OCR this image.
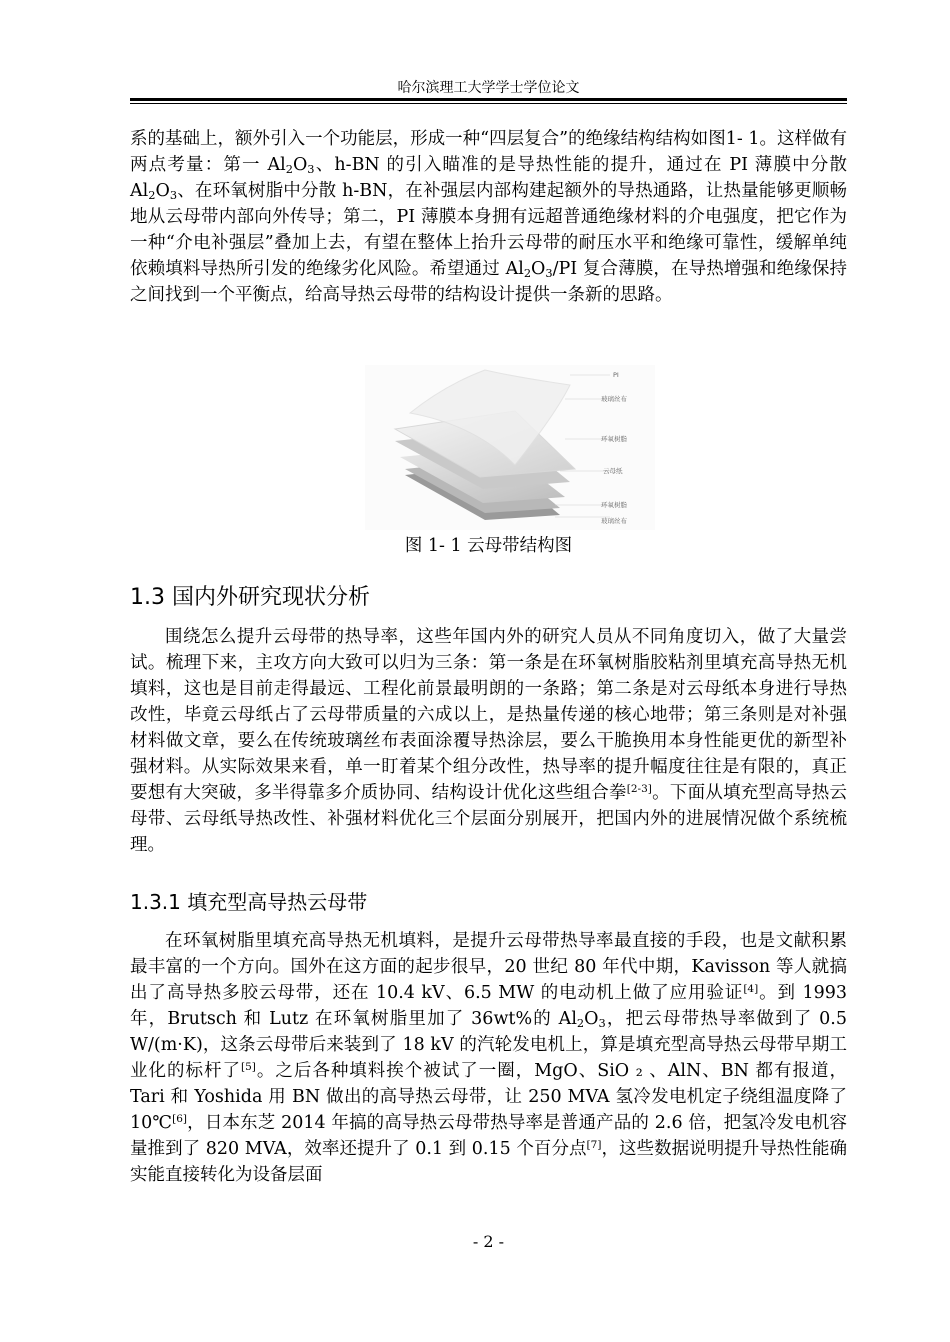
哈尔滨理工大学学士学位论文

系的基础上，额外引入一个功能层，形成一种“四层复合”的绝缘结构结构如图1- 1。这样做有两点考量：第一 $Al_2O_3$、h-BN 的引入瞄准的是导热性能的提升，通过在 PI 薄膜中分散 $Al_2O_3$、在环氧树脂中分散 h-BN，在补强层内部构建起额外的导热通路，让热量能够更顺畅地从云母带内部向外传导；第二，PI 薄膜本身拥有远超普通绝缘材料的介电强度，把它作为一种“介电补强层”叠加上去，有望在整体上抬升云母带的耐压水平和绝缘可靠性，缓解单纯依赖填料导热所引发的绝缘劣化风险。希望通过 $Al_2O_3/PI$ 复合薄膜，在导热增强和绝缘保持之间找到一个平衡点，给高导热云母带的结构设计提供一条新的思路。

PI
玻璃丝布
环氧树脂
云母纸
环氧树脂
玻璃丝布
图 1- 1 云母带结构图
1.3 国内外研究现状分析

围绕怎么提升云母带的热导率，这些年国内外的研究人员从不同角度切入，做了大量尝试。梳理下来，主攻方向大致可以归为三条：第一条是在环氧树脂胶粘剂里填充高导热无机填料，这也是目前走得最远、工程化前景最明朗的一条路；第二条是对云母纸本身进行导热改性，毕竟云母纸占了云母带质量的六成以上，是热量传递的核心地带；第三条则是对补强材料做文章，要么在传统玻璃丝布表面涂覆导热涂层，要么干脆换用本身性能更优的新型补强材料。从实际效果来看，单一盯着某个组分改性，热导率的提升幅度往往是有限的，真正要想有大突破，多半得靠多介质协同、结构设计优化这些组合拳[2-3]。下面从填充型高导热云母带、云母纸导热改性、补强材料优化三个层面分别展开，把国内外的进展情况做个系统梳理。

1.3.1 填充型高导热云母带

在环氧树脂里填充高导热无机填料，是提升云母带热导率最直接的手段，也是文献积累最丰富的一个方向。国外在这方面的起步很早，20 世纪 80 年代中期，Kavisson 等人就搞出了高导热多胶云母带，还在 10.4 kV、6.5 MW 的电动机上做了应用验证[4]。到 1993 年，Brutsch 和 Lutz 在环氧树脂里加了 36wt%的 $Al_2O_3$，把云母带热导率做到了 0.5 W/(m·K)，这条云母带后来装到了 18 kV 的汽轮发电机上，算是填充型高导热云母带早期工业化的标杆了[5]。之后各种填料挨个被试了一圈，MgO、SiO ₂ 、AlN、BN 都有报道，Tari 和 Yoshida 用 BN 做出的高导热云母带，让 250 MVA 氢冷发电机定子绕组温度降了 10℃[6]，日本东芝 2014 年搞的高导热云母带热导率是普通产品的 2.6 倍，把氢冷发电机容量推到了 820 MVA，效率还提升了 0.1 到 0.15 个百分点[7]，这些数据说明提升导热性能确实能直接转化为设备层面

- 2 -
